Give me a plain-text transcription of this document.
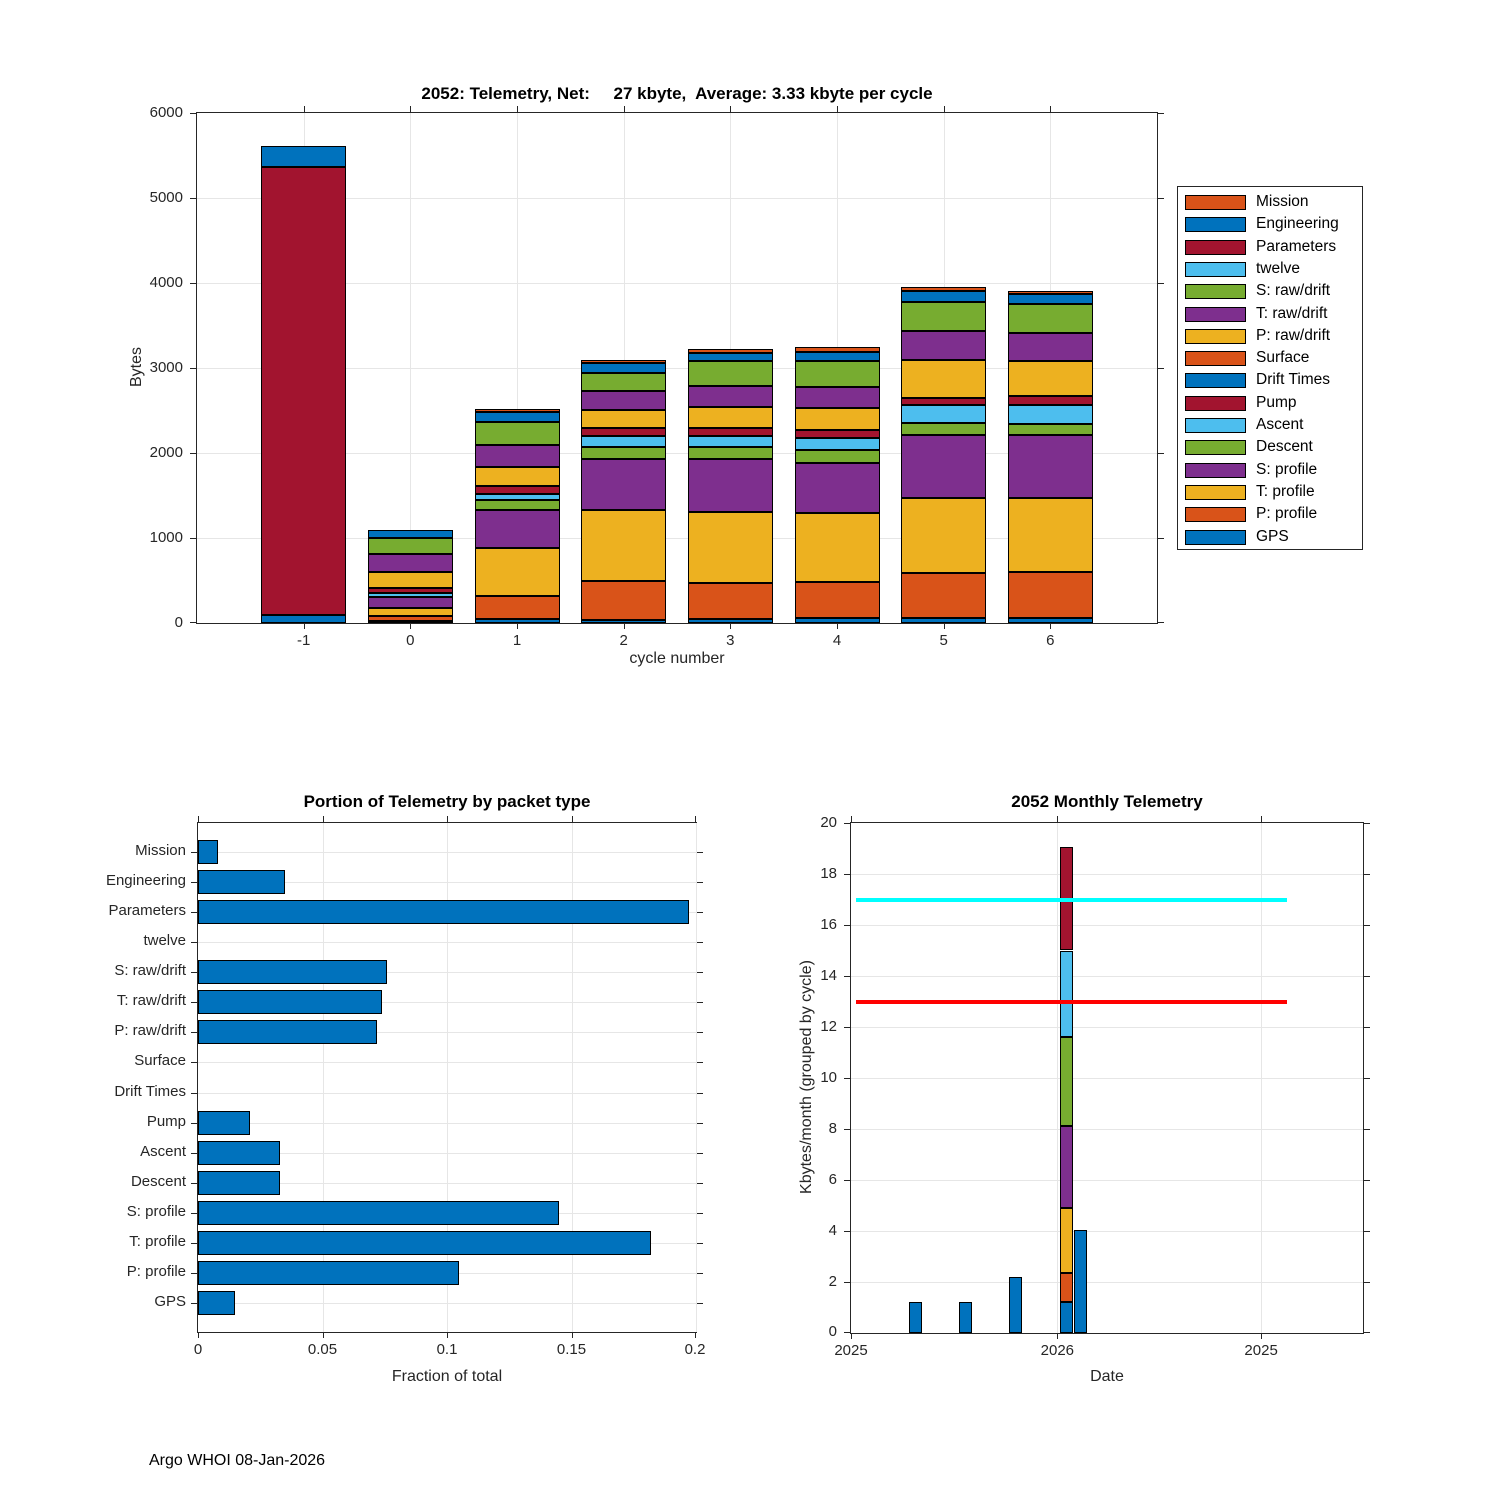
2052: Telemetry, Net:     27 kbyte,  Average: 3.33 kbyte per cycle
Bytes
0
1000
2000
3000
4000
5000
6000
-1	0	1	2	3	4	5	6
cycle number
Mission
Engineering
Parameters
twelve
S: raw/drift
T: raw/drift
P: raw/drift
Surface
Drift Times
Pump
Ascent
Descent
S: profile
T: profile
P: profile
GPS
Portion of Telemetry by packet type
0	0.05	0.1	0.15	0.2
Mission
Engineering
Parameters
twelve
S: raw/drift
T: raw/drift
P: raw/drift
Surface
Drift Times
Pump
Ascent
Descent
S: profile
T: profile
P: profile
GPS
Fraction of total
2052 Monthly Telemetry
Kbytes/month (grouped by cycle)
0
2
4
6
8
10
12
14
16
18
20
2025	2026	2025
Date
Argo WHOI 08-Jan-2026
